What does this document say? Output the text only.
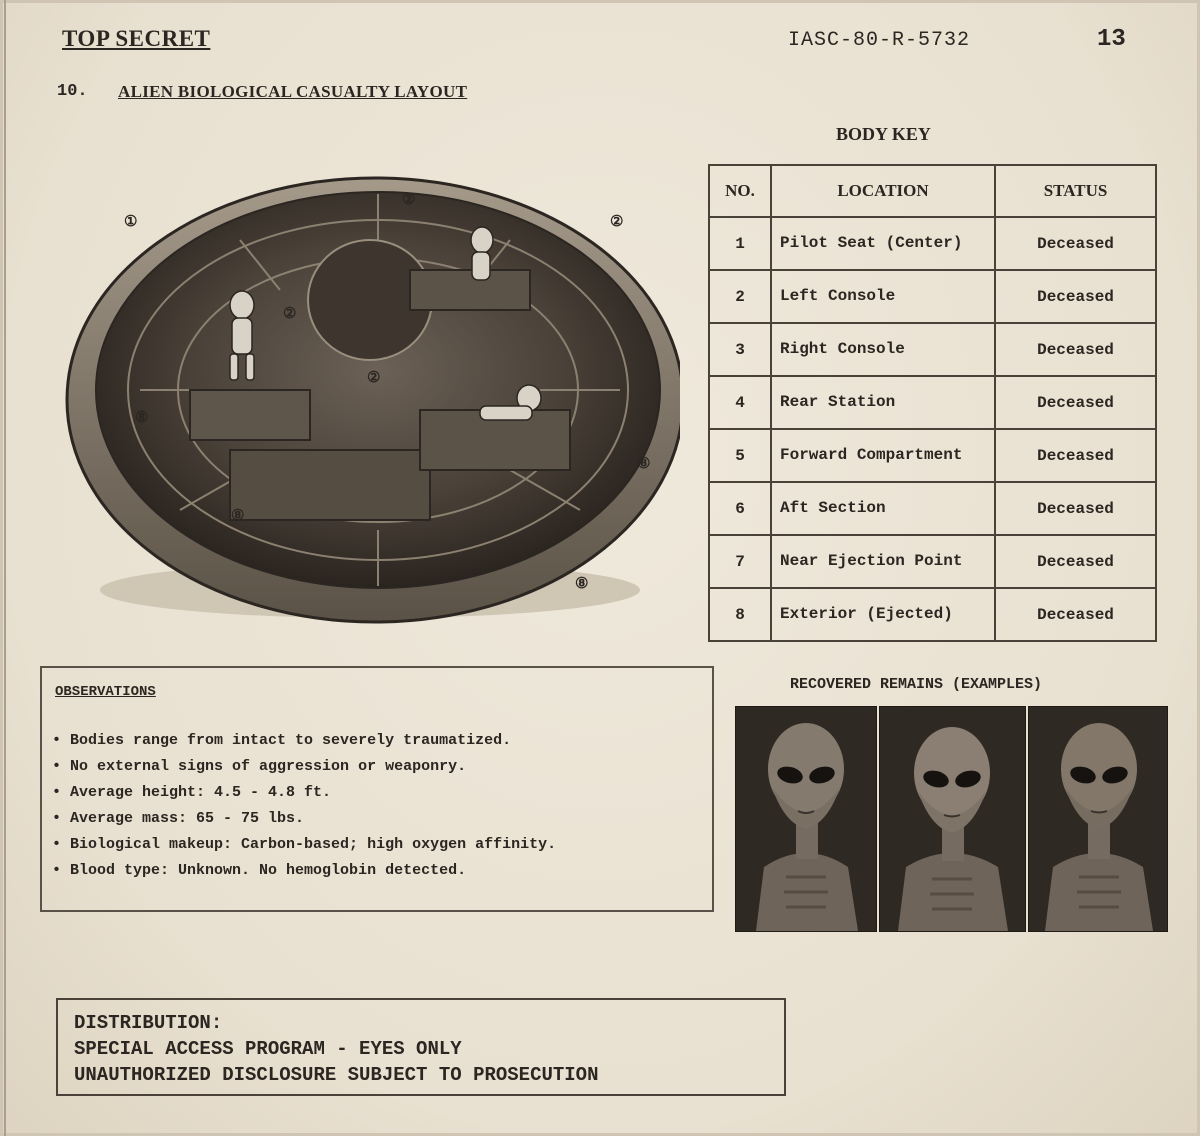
TOP SECRET	IASC-80-R-5732	13
10. ALIEN BIOLOGICAL CASUALTY LAYOUT
①
②
②
②
②
⑧
⑧
⑧
⑧
BODY KEY
NO.	LOCATION	STATUS
1	Pilot Seat (Center)	Deceased
2	Left Console	Deceased
3	Right Console	Deceased
4	Rear Station	Deceased
5	Forward Compartment	Deceased
6	Aft Section	Deceased
7	Near Ejection Point	Deceased
8	Exterior (Ejected)	Deceased
OBSERVATIONS
• Bodies range from intact to severely traumatized.
• No external signs of aggression or weaponry.
• Average height: 4.5 - 4.8 ft.
• Average mass: 65 - 75 lbs.
• Biological makeup: Carbon-based; high oxygen affinity.
• Blood type: Unknown. No hemoglobin detected.
RECOVERED REMAINS (EXAMPLES)
DISTRIBUTION:
SPECIAL ACCESS PROGRAM - EYES ONLY
UNAUTHORIZED DISCLOSURE SUBJECT TO PROSECUTION
